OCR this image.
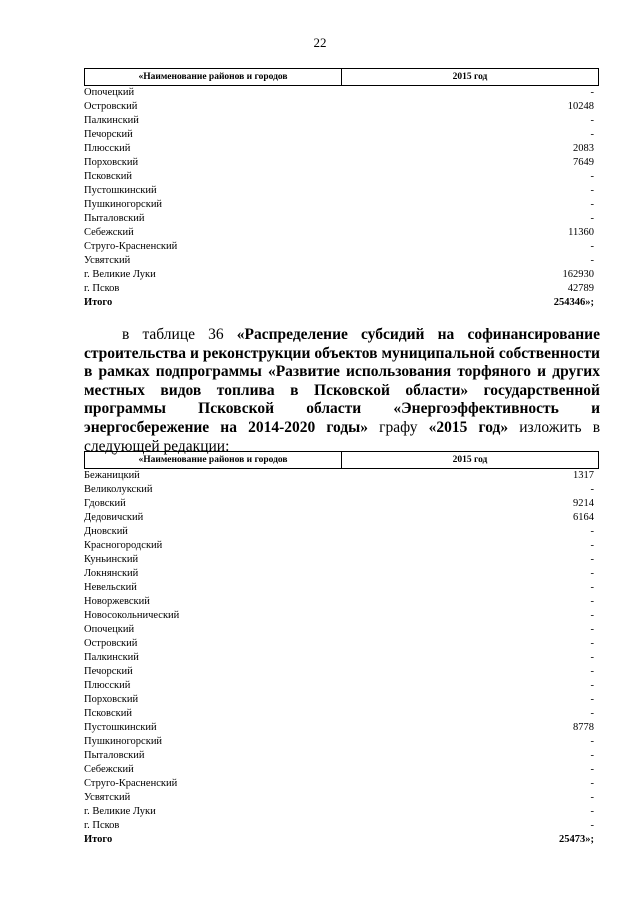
22
«Наименование районов и городов	2015 год
Опочецкий	-
Островский	10248
Палкинский	-
Печорский	-
Плюсский	2083
Порховский	7649
Псковский	-
Пустошкинский	-
Пушкиногорский	-
Пыталовский	-
Себежский	11360
Струго-Красненский	-
Усвятский	-
г. Великие Луки	162930
г. Псков	42789
Итого	254346»;
в таблице 36 «Распределение субсидий на софинансирование строительства и реконструкции объектов муниципальной собственности в рамках подпрограммы «Развитие использования торфяного и других местных видов топлива в Псковской области» государственной программы Псковской области «Энергоэффективность и энергосбережение на 2014-2020 годы» графу «2015 год» изложить в следующей редакции:
«Наименование районов и городов	2015 год
Бежаницкий	1317
Великолукский	-
Гдовский	9214
Дедовичский	6164
Дновский	-
Красногородский	-
Куньинский	-
Локнянский	-
Невельский	-
Новоржевский	-
Новосокольнический	-
Опочецкий	-
Островский	-
Палкинский	-
Печорский	-
Плюсский	-
Порховский	-
Псковский	-
Пустошкинский	8778
Пушкиногорский	-
Пыталовский	-
Себежский	-
Струго-Красненский	-
Усвятский	-
г. Великие Луки	-
г. Псков	-
Итого	25473»;
